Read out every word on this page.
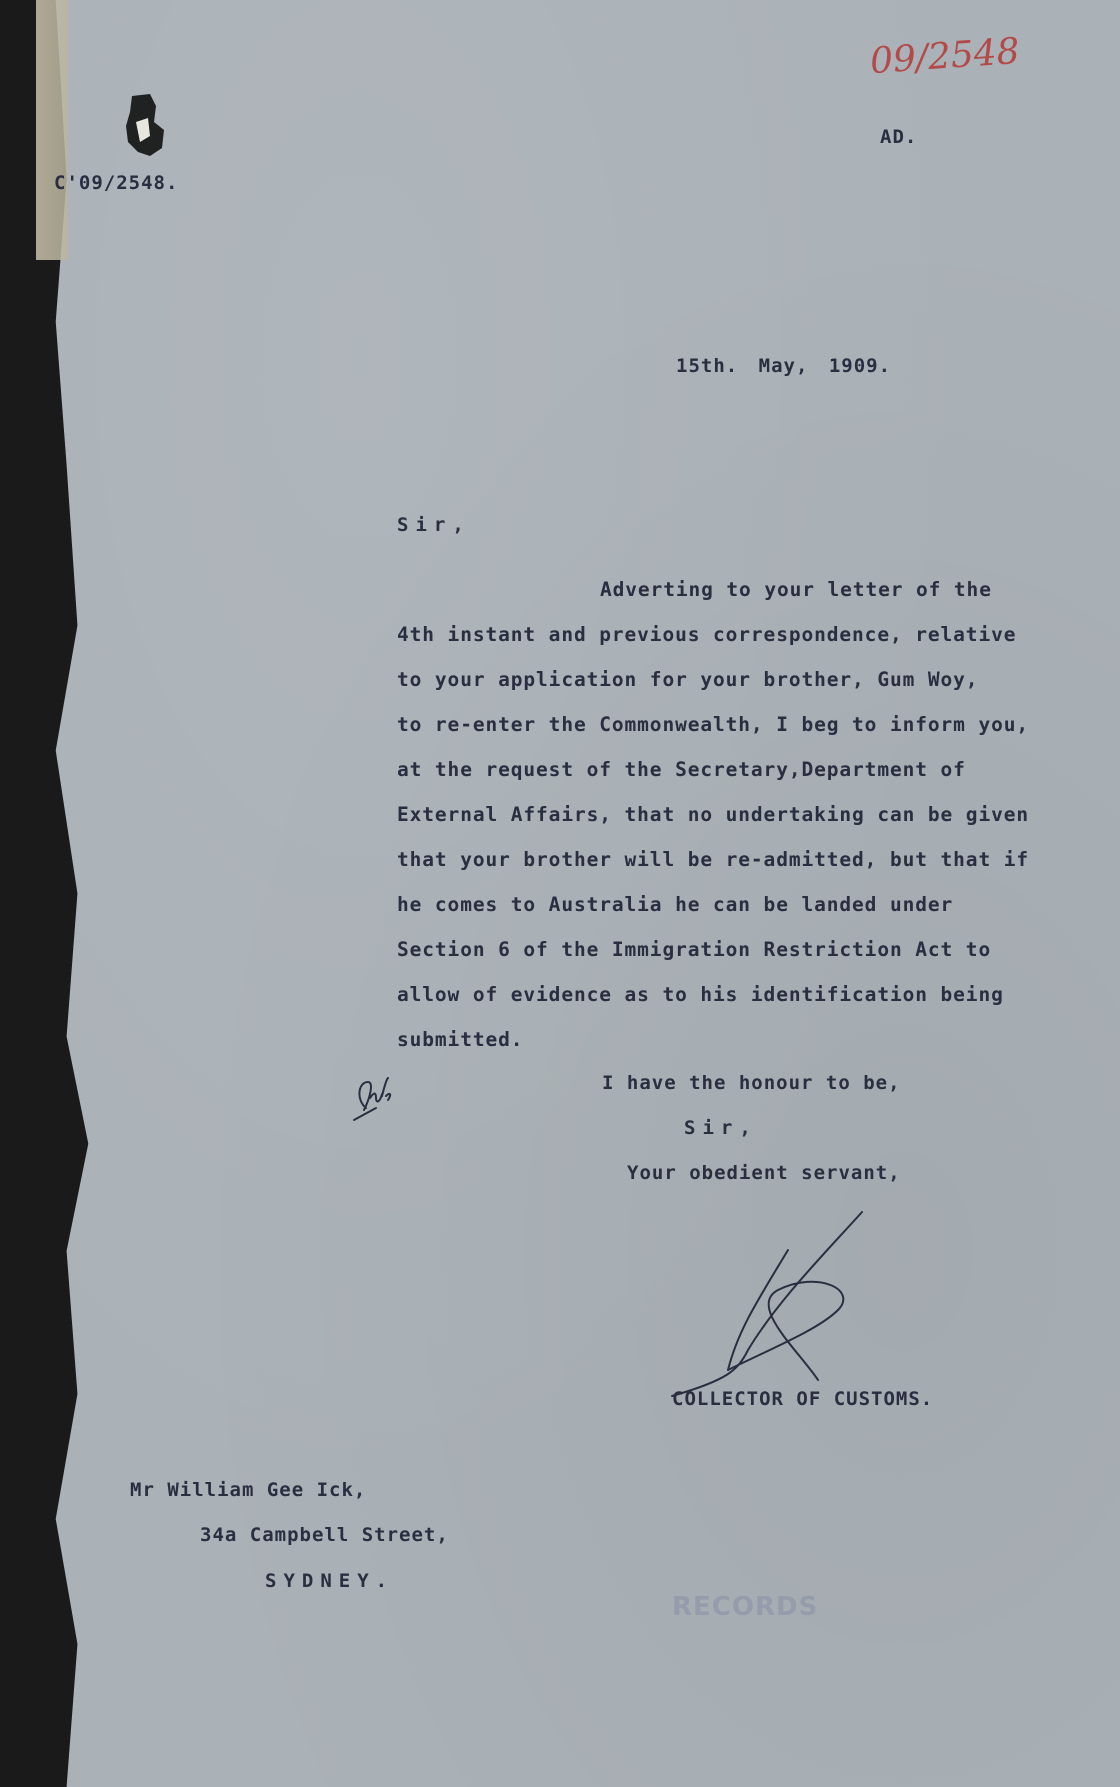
09/2548

AD.

C'09/2548.

15th. May, 1909.

Sir,

Adverting to your letter of the

4th instant and previous correspondence, relative

to your application for your brother, Gum Woy,

to re-enter the Commonwealth, I beg to inform you,

at the request of the Secretary,Department of

External Affairs, that no undertaking can be given

that your brother will be re-admitted, but that if

he comes to Australia he can be landed under

Section 6 of the Immigration Restriction Act to

allow of evidence as to his identification being

submitted.

I have the honour to be,

Sir,

Your obedient servant,

COLLECTOR OF CUSTOMS.

Mr William Gee Ick,

34a Campbell Street,

SYDNEY.

RECORDS
